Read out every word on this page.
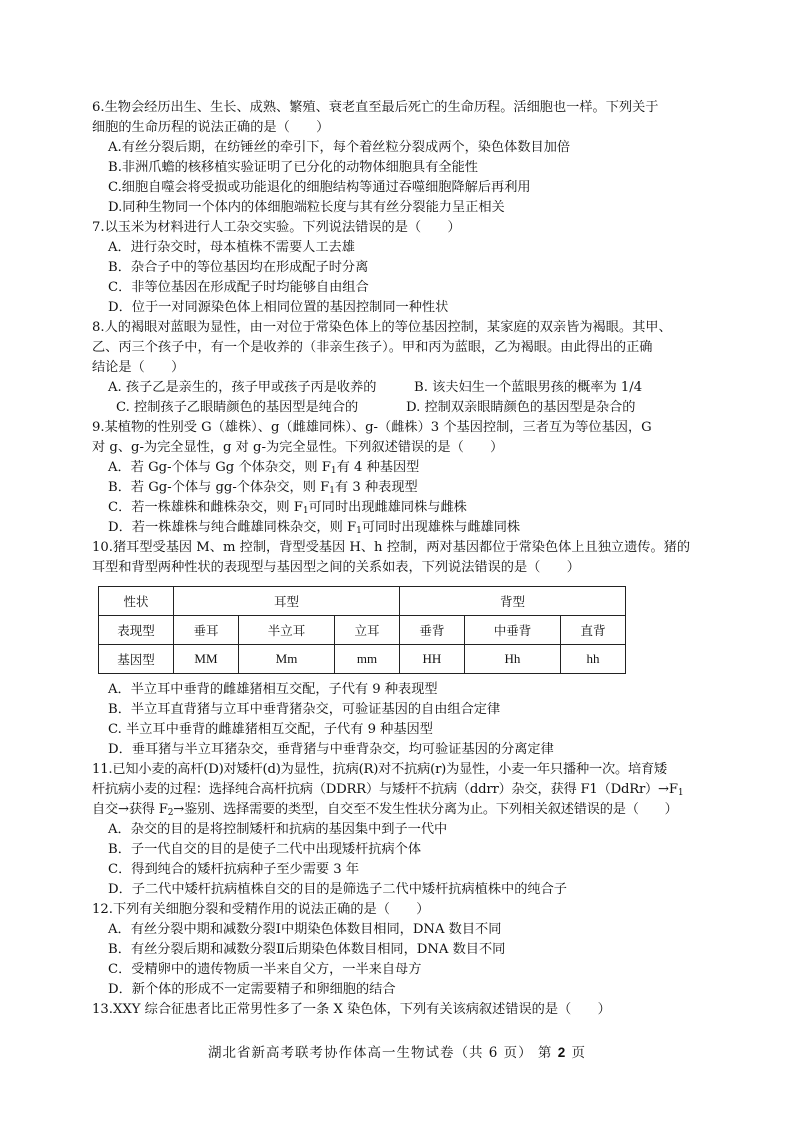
6.生物会经历出生、生长、成熟、繁殖、衰老直至最后死亡的生命历程。活细胞也一样。下列关于
细胞的生命历程的说法正确的是（　　）
A.有丝分裂后期，在纺锤丝的牵引下，每个着丝粒分裂成两个，染色体数目加倍
B.非洲爪蟾的核移植实验证明了已分化的动物体细胞具有全能性
C.细胞自噬会将受损或功能退化的细胞结构等通过吞噬细胞降解后再利用
D.同种生物同一个体内的体细胞端粒长度与其有丝分裂能力呈正相关
7.以玉米为材料进行人工杂交实验。下列说法错误的是（　　）
A．进行杂交时，母本植株不需要人工去雄
B．杂合子中的等位基因均在形成配子时分离
C．非等位基因在形成配子时均能够自由组合
D．位于一对同源染色体上相同位置的基因控制同一种性状
8.人的褐眼对蓝眼为显性，由一对位于常染色体上的等位基因控制，某家庭的双亲皆为褐眼。其甲、
乙、丙三个孩子中，有一个是收养的（非亲生孩子）。甲和丙为蓝眼，乙为褐眼。由此得出的正确
结论是（　　）
A. 孩子乙是亲生的，孩子甲或孩子丙是收养的	B. 该夫妇生一个蓝眼男孩的概率为 1/4
C. 控制孩子乙眼睛颜色的基因型是纯合的	D. 控制双亲眼睛颜色的基因型是杂合的
9.某植物的性别受 G（雄株）、g（雌雄同株）、g-（雌株）3 个基因控制，三者互为等位基因，G
对 g、g-为完全显性，g 对 g-为完全显性。下列叙述错误的是（　　）
A．若 Gg-个体与 Gg 个体杂交，则 $F_1$有 4 种基因型
B．若 Gg-个体与 gg-个体杂交，则 $F_1$有 3 种表现型
C．若一株雄株和雌株杂交，则 $F_1$可同时出现雌雄同株与雌株
D．若一株雄株与纯合雌雄同株杂交，则 $F_1$可同时出现雄株与雌雄同株
10.猪耳型受基因 M、m 控制，背型受基因 H、h 控制，两对基因都位于常染色体上且独立遗传。猪的
耳型和背型两种性状的表现型与基因型之间的关系如表，下列说法错误的是（　　）
性状	耳型			背型		
表现型	垂耳	半立耳	立耳	垂背	中垂背	直背
基因型	MM	Mm	mm	HH	Hh	hh
A．半立耳中垂背的雌雄猪相互交配，子代有 9 种表现型
B．半立耳直背猪与立耳中垂背猪杂交，可验证基因的自由组合定律
C. 半立耳中垂背的雌雄猪相互交配，子代有 9 种基因型
D．垂耳猪与半立耳猪杂交，垂背猪与中垂背杂交，均可验证基因的分离定律
11.已知小麦的高杆(D)对矮杆(d)为显性，抗病(R)对不抗病(r)为显性，小麦一年只播种一次。培育矮
杆抗病小麦的过程：选择纯合高杆抗病（DDRR）与矮杆不抗病（ddrr）杂交，获得 $F1(DdRr)\to F_1$
自交→获得 $F_2\to$鉴别、选择需要的类型，自交至不发生性状分离为止。下列相关叙述错误的是（　　）
A．杂交的目的是将控制矮杆和抗病的基因集中到子一代中
B．子一代自交的目的是使子二代中出现矮杆抗病个体
C．得到纯合的矮杆抗病种子至少需要 3 年
D．子二代中矮杆抗病植株自交的目的是筛选子二代中矮杆抗病植株中的纯合子
12.下列有关细胞分裂和受精作用的说法正确的是（　　）
A．有丝分裂中期和减数分裂Ⅰ中期染色体数目相同，DNA 数目不同
B．有丝分裂后期和减数分裂Ⅱ后期染色体数目相同，DNA 数目不同
C．受精卵中的遗传物质一半来自父方，一半来自母方
D．新个体的形成不一定需要精子和卵细胞的结合
13.XXY 综合征患者比正常男性多了一条 X 染色体，下列有关该病叙述错误的是（　　）
湖北省新高考联考协作体高一生物试卷（共 6 页） 第 2 页
